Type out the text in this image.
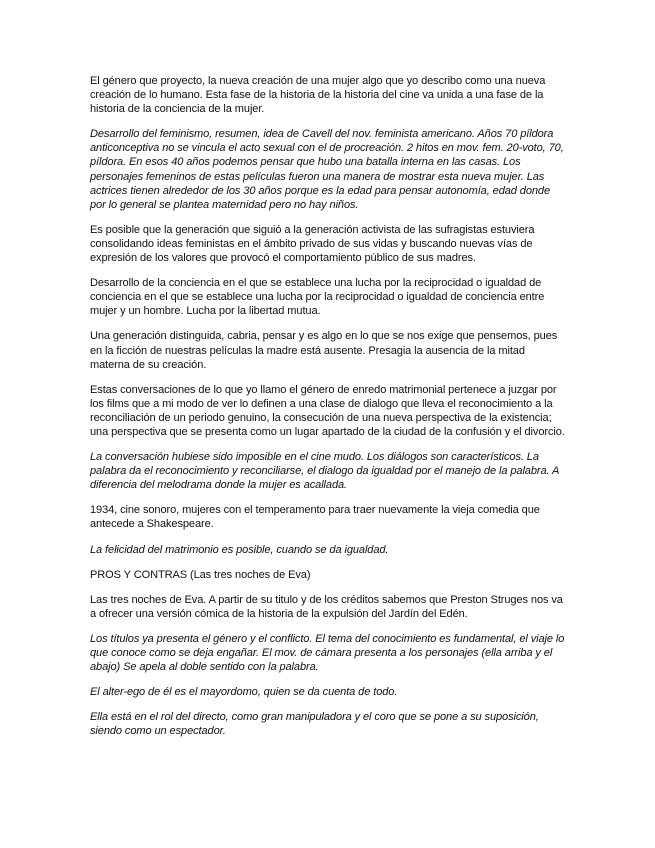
El género que proyecto, la nueva creación de una mujer algo que yo describo como una nueva creación de lo humano. Esta fase de la historia de la historia del cine va unida a una fase de la historia de la conciencia de la mujer.

Desarrollo del feminismo, resumen, idea de Cavell del nov. feminista americano. Años 70 píldora anticonceptiva no se vincula el acto sexual con el de procreación. 2 hitos en mov. fem. 20-voto, 70, píldora. En esos 40 años podemos pensar que hubo una batalla interna en las casas. Los personajes femeninos de estas películas fueron una manera de mostrar esta nueva mujer. Las actrices tienen alrededor de los 30 años porque es la edad para pensar autonomía, edad donde por lo general se plantea maternidad pero no hay niños.

Es posible que la generación que siguió a la generación activista de las sufragistas estuviera consolidando ideas feministas en el ámbito privado de sus vidas y buscando nuevas vías de expresión de los valores que provocó el comportamiento público de sus madres.

Desarrollo de la conciencia en el que se establece una lucha por la reciprocidad o igualdad de conciencia en el que se establece una lucha por la reciprocidad o igualdad de conciencia entre mujer y un hombre. Lucha por la libertad mutua.

Una generación distinguida, cabria, pensar y es algo en lo que se nos exige que pensemos, pues en la ficción de nuestras películas la madre está ausente. Presagia la ausencia de la mitad materna de su creación.

Estas conversaciones de lo que yo llamo el género de enredo matrimonial pertenece a juzgar por los films que a mi modo de ver lo definen a una clase de dialogo que lleva el reconocimiento a la reconciliación de un periodo genuino, la consecución de una nueva perspectiva de la existencia; una perspectiva que se presenta como un lugar apartado de la ciudad de la confusión y el divorcio.

La conversación hubiese sido imposible en el cine mudo. Los diálogos son característicos. La palabra da el reconocimiento y reconciliarse, el dialogo da igualdad por el manejo de la palabra. A diferencia del melodrama donde la mujer es acallada.

1934, cine sonoro, mujeres con el temperamento para traer nuevamente la vieja comedia que antecede a Shakespeare.

La felicidad del matrimonio es posible, cuando se da igualdad.

PROS Y CONTRAS (Las tres noches de Eva)

Las tres noches de Eva. A partir de su titulo y de los créditos sabemos que Preston Struges nos va a ofrecer una versión cómica de la historia de la expulsión del Jardín del Edén.

Los títulos ya presenta el género y el conflicto. El tema del conocimiento es fundamental, el viaje lo que conoce como se deja engañar. El mov. de cámara presenta a los personajes (ella arriba y el abajo) Se apela al doble sentido con la palabra.

El alter-ego de él es el mayordomo, quien se da cuenta de todo.

Ella está en el rol del directo, como gran manipuladora y el coro que se pone a su suposición, siendo como un espectador.
